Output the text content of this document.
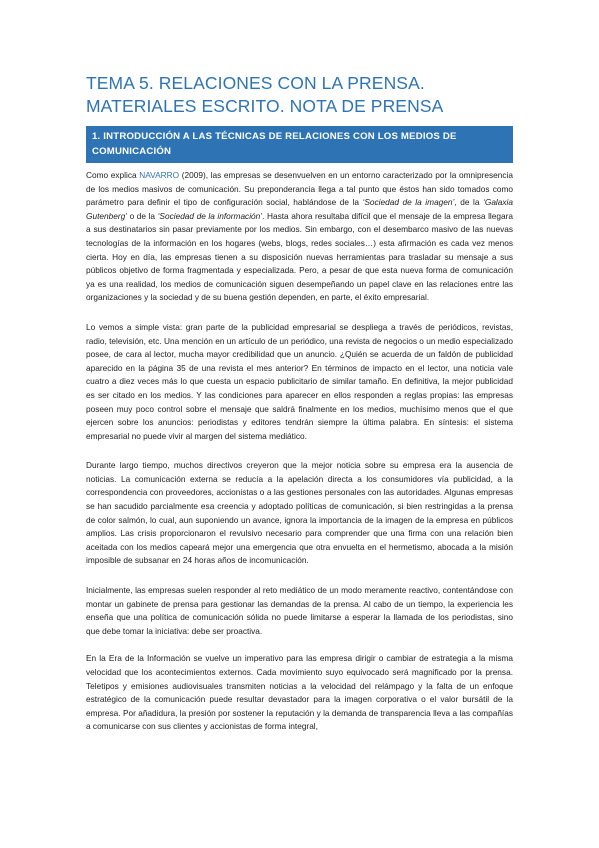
TEMA 5. RELACIONES CON LA PRENSA. MATERIALES ESCRITO. NOTA DE PRENSA
1. INTRODUCCIÓN A LAS TÉCNICAS DE RELACIONES CON LOS MEDIOS DE COMUNICACIÓN

Como explica NAVARRO (2009), las empresas se desenvuelven en un entorno caracterizado por la omnipresencia de los medios masivos de comunicación. Su preponderancia llega a tal punto que éstos han sido tomados como parámetro para definir el tipo de configuración social, hablándose de la ‘Sociedad de la imagen’, de la ‘Galaxia Gutenberg’ o de la ‘Sociedad de la información’. Hasta ahora resultaba difícil que el mensaje de la empresa llegara a sus destinatarios sin pasar previamente por los medios. Sin embargo, con el desembarco masivo de las nuevas tecnologías de la información en los hogares (webs, blogs, redes sociales…) esta afirmación es cada vez menos cierta. Hoy en día, las empresas tienen a su disposición nuevas herramientas para trasladar su mensaje a sus públicos objetivo de forma fragmentada y especializada. Pero, a pesar de que esta nueva forma de comunicación ya es una realidad, los medios de comunicación siguen desempeñando un papel clave en las relaciones entre las organizaciones y la sociedad y de su buena gestión dependen, en parte, el éxito empresarial.

Lo vemos a simple vista: gran parte de la publicidad empresarial se despliega a través de periódicos, revistas, radio, televisión, etc. Una mención en un artículo de un periódico, una revista de negocios o un medio especializado posee, de cara al lector, mucha mayor credibilidad que un anuncio. ¿Quién se acuerda de un faldón de publicidad aparecido en la página 35 de una revista el mes anterior? En términos de impacto en el lector, una noticia vale cuatro a diez veces más lo que cuesta un espacio publicitario de similar tamaño. En definitiva, la mejor publicidad es ser citado en los medios. Y las condiciones para aparecer en ellos responden a reglas propias: las empresas poseen muy poco control sobre el mensaje que saldrá finalmente en los medios, muchísimo menos que el que ejercen sobre los anuncios: periodistas y editores tendrán siempre la última palabra. En síntesis: el sistema empresarial no puede vivir al margen del sistema mediático.

Durante largo tiempo, muchos directivos creyeron que la mejor noticia sobre su empresa era la ausencia de noticias. La comunicación externa se reducía a la apelación directa a los consumidores vía publicidad, a la correspondencia con proveedores, accionistas o a las gestiones personales con las autoridades. Algunas empresas se han sacudido parcialmente esa creencia y adoptado políticas de comunicación, si bien restringidas a la prensa de color salmón, lo cual, aun suponiendo un avance, ignora la importancia de la imagen de la empresa en públicos amplios. Las crisis proporcionaron el revulsivo necesario para comprender que una firma con una relación bien aceitada con los medios capeará mejor una emergencia que otra envuelta en el hermetismo, abocada a la misión imposible de subsanar en 24 horas años de incomunicación.

Inicialmente, las empresas suelen responder al reto mediático de un modo meramente reactivo, contentándose con montar un gabinete de prensa para gestionar las demandas de la prensa. Al cabo de un tiempo, la experiencia les enseña que una política de comunicación sólida no puede limitarse a esperar la llamada de los periodistas, sino que debe tomar la iniciativa: debe ser proactiva.

En la Era de la Información se vuelve un imperativo para las empresa dirigir o cambiar de estrategia a la misma velocidad que los acontecimientos externos. Cada movimiento suyo equivocado será magnificado por la prensa. Teletipos y emisiones audiovisuales transmiten noticias a la velocidad del relámpago y la falta de un enfoque estratégico de la comunicación puede resultar devastador para la imagen corporativa o el valor bursátil de la empresa. Por añadidura, la presión por sostener la reputación y la demanda de transparencia lleva a las compañías a comunicarse con sus clientes y accionistas de forma integral,
